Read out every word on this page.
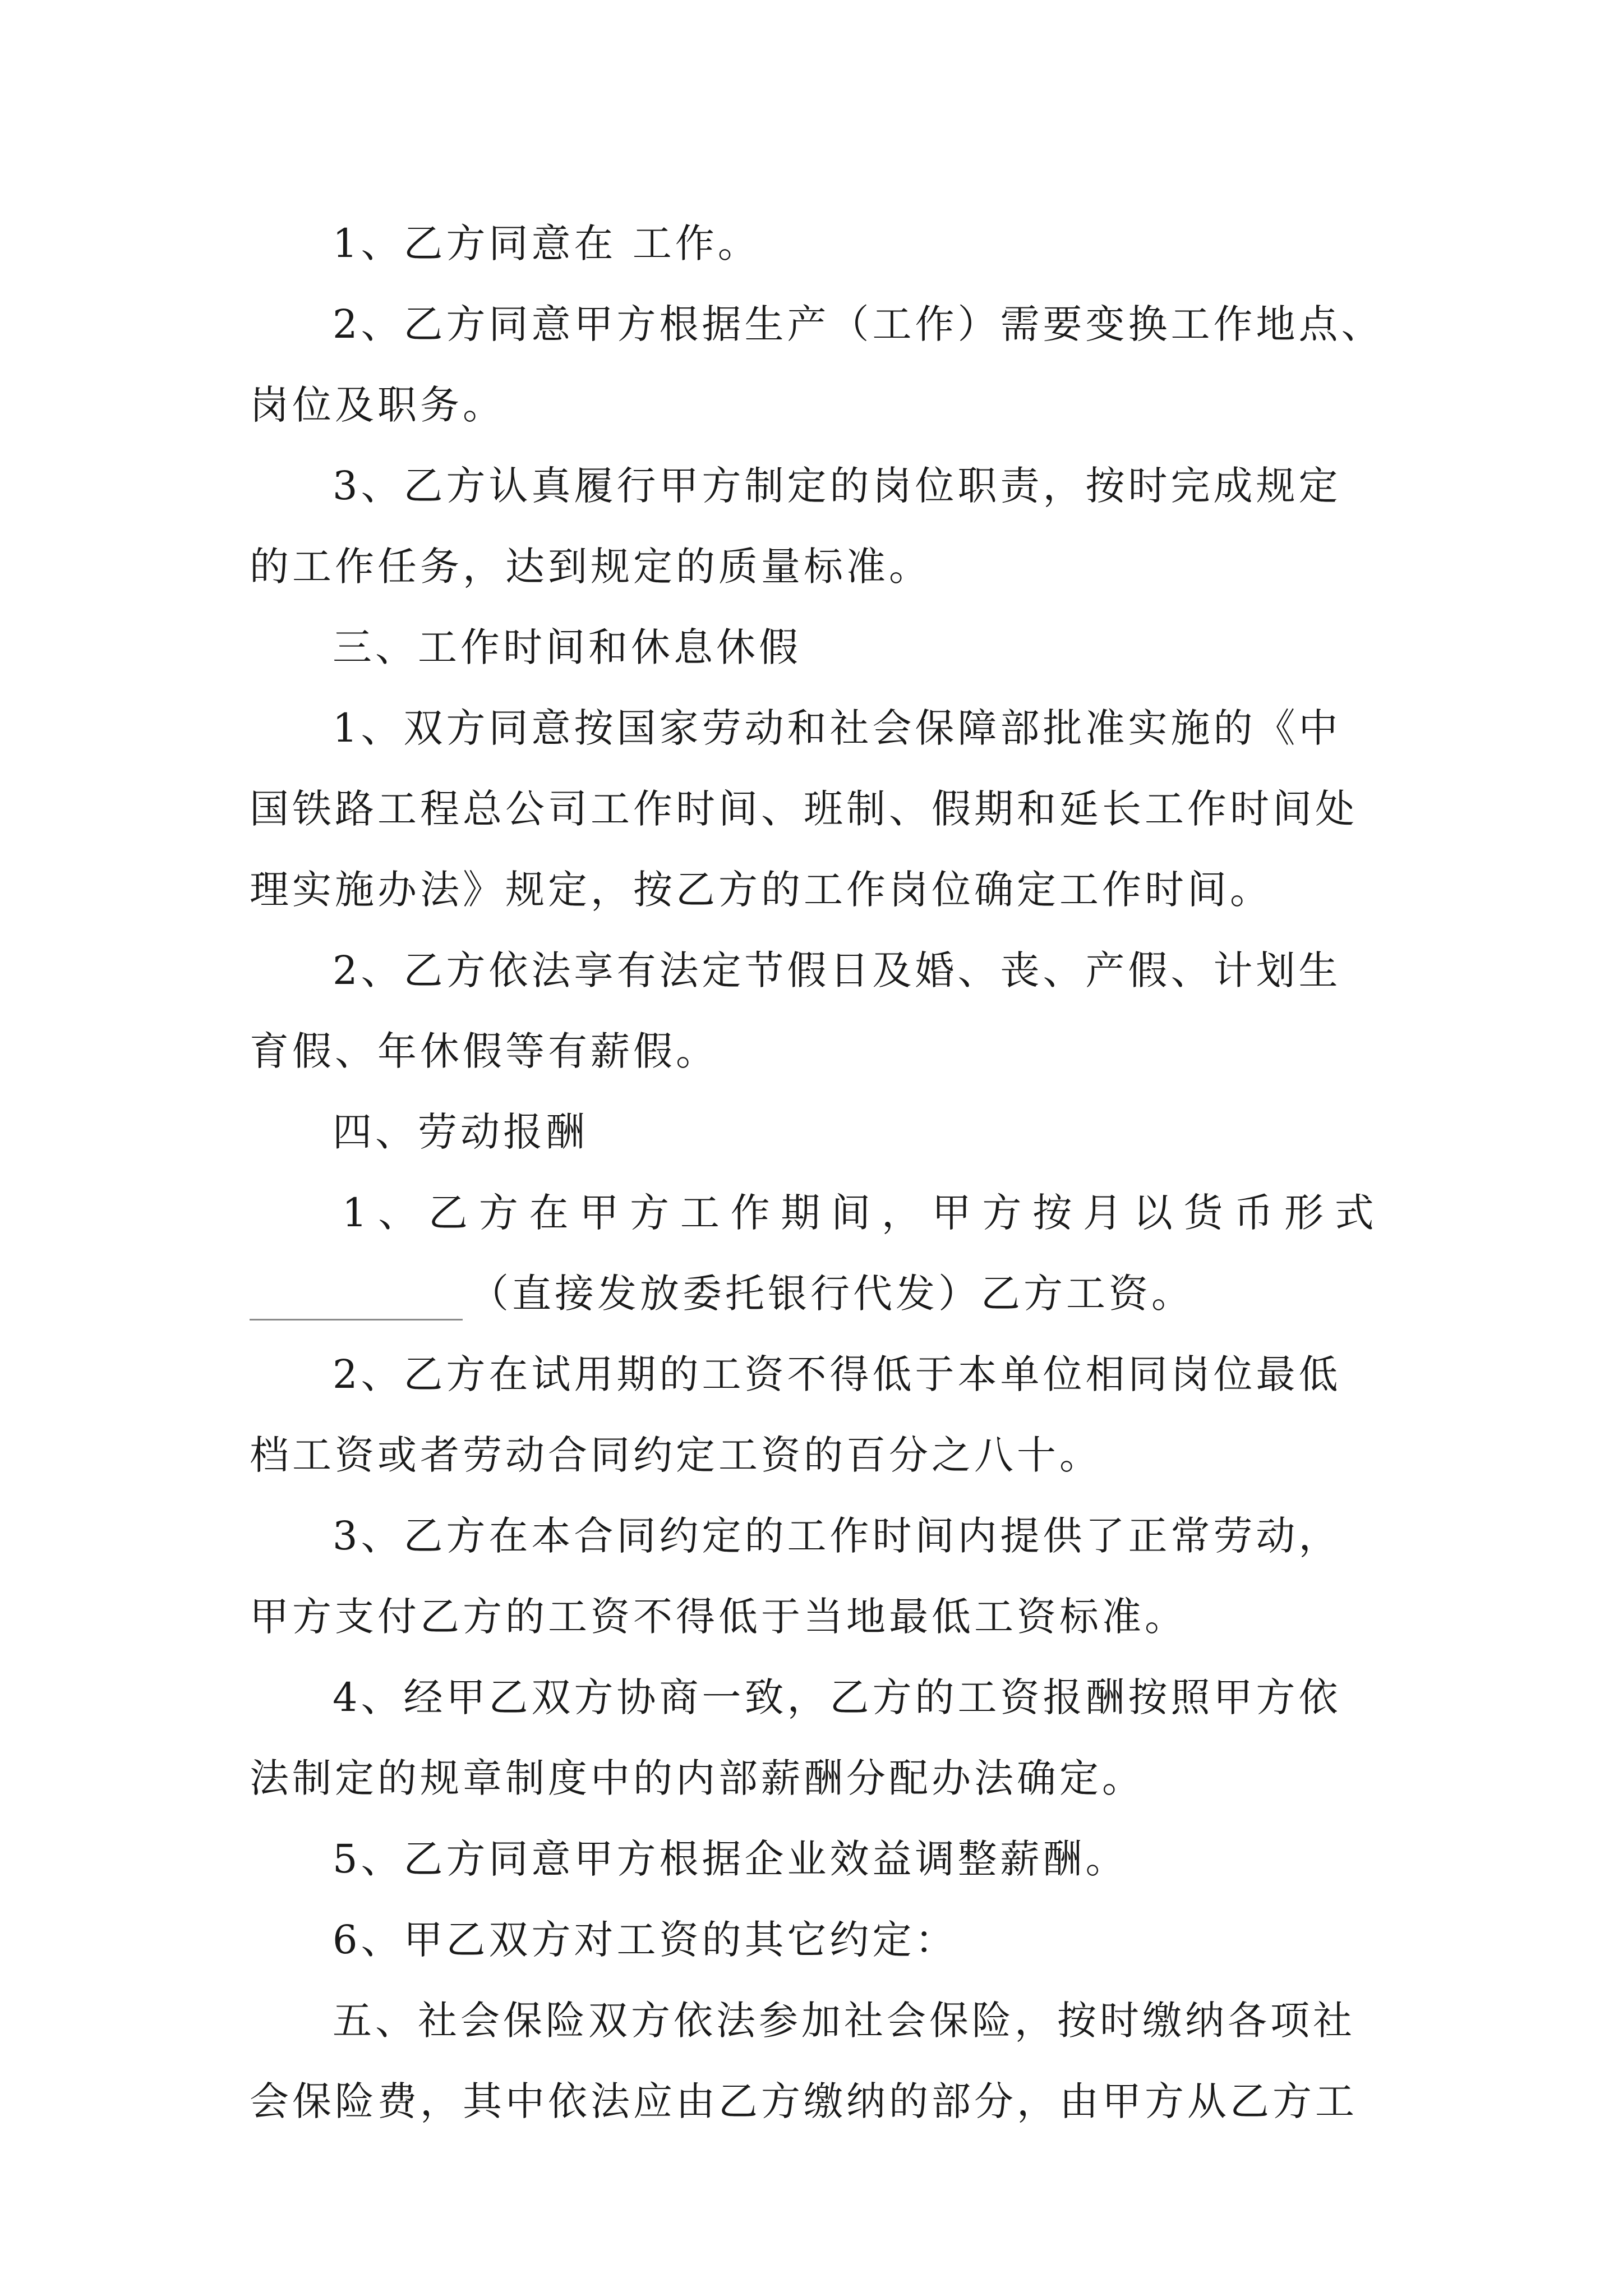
1、乙方同意在 工作。

2、乙方同意甲方根据生产（工作）需要变换工作地点、

岗位及职务。

3、乙方认真履行甲方制定的岗位职责，按时完成规定

的工作任务，达到规定的质量标准。

三、工作时间和休息休假

1、双方同意按国家劳动和社会保障部批准实施的《中

国铁路工程总公司工作时间、班制、假期和延长工作时间处

理实施办法》规定，按乙方的工作岗位确定工作时间。

2、乙方依法享有法定节假日及婚、丧、产假、计划生

育假、年休假等有薪假。

四、劳动报酬

1、乙方在甲方工作期间，甲方按月以货币形式

（直接发放委托银行代发）乙方工资。

2、乙方在试用期的工资不得低于本单位相同岗位最低

档工资或者劳动合同约定工资的百分之八十。

3、乙方在本合同约定的工作时间内提供了正常劳动，

甲方支付乙方的工资不得低于当地最低工资标准。

4、经甲乙双方协商一致，乙方的工资报酬按照甲方依

法制定的规章制度中的内部薪酬分配办法确定。

5、乙方同意甲方根据企业效益调整薪酬。

6、甲乙双方对工资的其它约定：

五、社会保险双方依法参加社会保险，按时缴纳各项社

会保险费，其中依法应由乙方缴纳的部分，由甲方从乙方工
